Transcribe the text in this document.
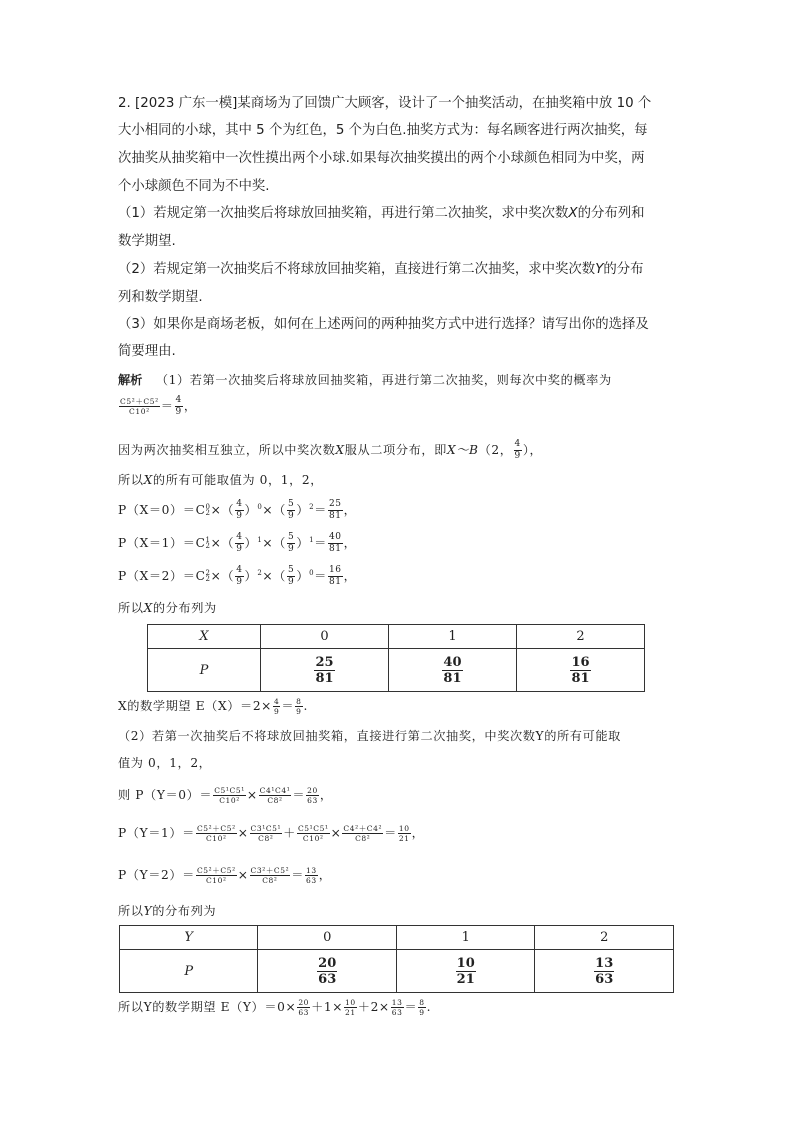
2. [2023 广东一模]某商场为了回馈广大顾客，设计了一个抽奖活动，在抽奖箱中放 10 个
大小相同的小球，其中 5 个为红色，5 个为白色.抽奖方式为：每名顾客进行两次抽奖，每
次抽奖从抽奖箱中一次性摸出两个小球.如果每次抽奖摸出的两个小球颜色相同为中奖，两
个小球颜色不同为不中奖.
（1）若规定第一次抽奖后将球放回抽奖箱，再进行第二次抽奖，求中奖次数X的分布列和
数学期望.
（2）若规定第一次抽奖后不将球放回抽奖箱，直接进行第二次抽奖，求中奖次数Y的分布
列和数学期望.
（3）如果你是商场老板，如何在上述两问的两种抽奖方式中进行选择？请写出你的选择及
简要理由.
解析 （1）若第一次抽奖后将球放回抽奖箱，再进行第二次抽奖，则每次中奖的概率为
$\frac{\text{C5²＋C5²}}{\text{C10²}} = \frac{4}{9}$ ，
因为两次抽奖相互独立，所以中奖次数X服从二项分布，即X～B（2， $\frac{4}{9}$ ），
所以X的所有可能取值为 0，1，2，
P（X＝0）＝C 0
2 ×（ $\frac{4}{9} )^0\times( \frac{5}{9} )^2= \frac{25}{81}$ ，
P（X＝1）＝C 1
2 ×（ $\frac{4}{9} )^1\times( \frac{5}{9} )^1= \frac{40}{81}$ ，
P（X＝2）＝C 2
2 ×（ $\frac{4}{9} )^2\times( \frac{5}{9} )^0= \frac{16}{81}$ ，
所以X的分布列为
X	0	1	2
P	$\frac{25}{81}$	$\frac{40}{81}$	$\frac{16}{81}$
X的数学期望 $E(X)=2\times \frac{4}{9} = \frac{8}{9}$ .
（2）若第一次抽奖后不将球放回抽奖箱，直接进行第二次抽奖，中奖次数Y的所有可能取
值为 0，1，2，
则 $P(Y=0)= \frac{\text{C5¹C5¹}}{\text{C10²}} \times \frac{\text{C4¹C4¹}}{\text{C8²}} = \frac{20}{63}$ ，
$P(Y=1)= \frac{\text{C5²＋C5²}}{\text{C10²}} \times \frac{\text{C3¹C5¹}}{\text{C8²}} + \frac{\text{C5¹C5¹}}{\text{C10²}} \times \frac{\text{C4²＋C4²}}{\text{C8²}} = \frac{10}{21}$ ，
$P(Y=2)= \frac{\text{C5²＋C5²}}{\text{C10²}} \times \frac{\text{C3²＋C5²}}{\text{C8²}} = \frac{13}{63}$ ，
所以Y的分布列为
Y	0	1	2
P	$\frac{20}{63}$	$\frac{10}{21}$	$\frac{13}{63}$
所以Y的数学期望 $E(Y)=0\times \frac{20}{63} +1\times \frac{10}{21} +2\times \frac{13}{63} = \frac{8}{9}$ .
